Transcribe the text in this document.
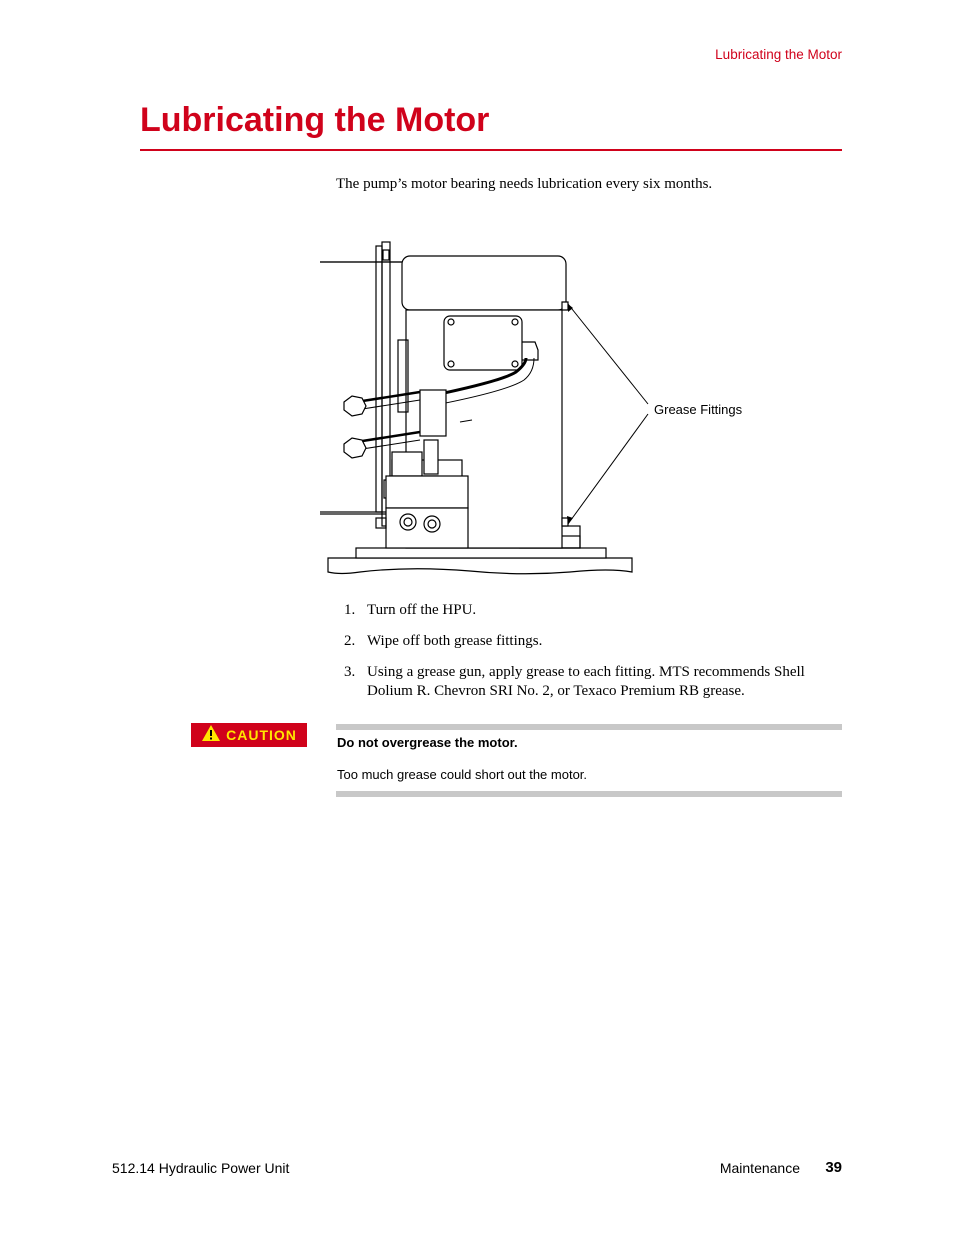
Lubricating the Motor
Lubricating the Motor
The pump’s motor bearing needs lubrication every six months.
Grease Fittings
1. Turn off the HPU.
2. Wipe off both grease fittings.
3. Using a grease gun, apply grease to each fitting. MTS recommends Shell Dolium R. Chevron SRI No. 2, or Texaco Premium RB grease.
CAUTION	Do not overgrease the motor.
Too much grease could short out the motor.
512.14 Hydraulic Power Unit	Maintenance 39
